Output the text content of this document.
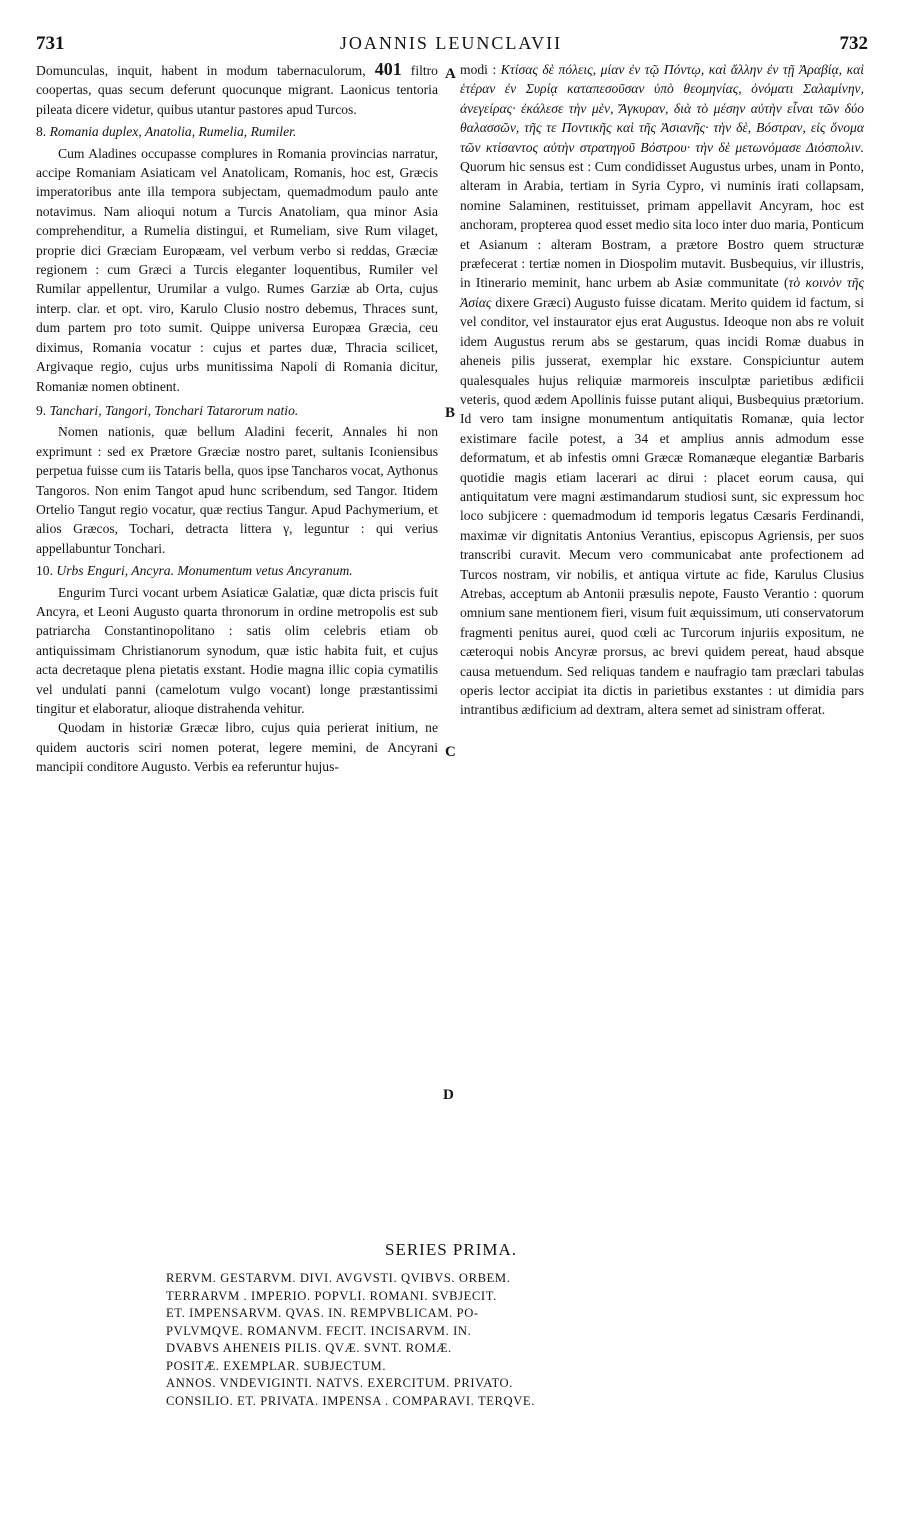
731	JOANNIS LEUNCLAVII	732

Domunculas, inquit, habent in modum tabernaculorum, 401 filtro coopertas, quas secum deferunt quocunque migrant. Laonicus tentoria pileata dicere videtur, quibus utantur pastores apud Turcos.

8. Romania duplex, Anatolia, Rumelia, Rumiler.

Cum Aladines occupasse complures in Romania provincias narratur, accipe Romaniam Asiaticam vel Anatolicam, Romanis, hoc est, Græcis imperatoribus ante illa tempora subjectam, quemadmodum paulo ante notavimus. Nam alioqui notum a Turcis Anatoliam, qua minor Asia comprehenditur, a Rumelia distingui, et Rumeliam, sive Rum vilaget, proprie dici Græciam Europæam, vel verbum verbo si reddas, Græciæ regionem : cum Græci a Turcis eleganter loquentibus, Rumiler vel Rumilar appellentur, Urumilar a vulgo. Rumes Garziæ ab Orta, cujus interp. clar. et opt. viro, Karulo Clusio nostro debemus, Thraces sunt, dum partem pro toto sumit. Quippe universa Europæa Græcia, ceu diximus, Romania vocatur : cujus et partes duæ, Thracia scilicet, Argivaque regio, cujus urbs munitissima Napoli di Romania dicitur, Romaniæ nomen obtinent.

9. Tanchari, Tangori, Tonchari Tatarorum natio.

Nomen nationis, quæ bellum Aladini fecerit, Annales hi non exprimunt : sed ex Prætore Græciæ nostro paret, sultanis Iconiensibus perpetua fuisse cum iis Tataris bella, quos ipse Tancharos vocat, Aythonus Tangoros. Non enim Tangot apud hunc scribendum, sed Tangor. Itidem Ortelio Tangut regio vocatur, quæ rectius Tangur. Apud Pachymerium, et alios Græcos, Tochari, detracta littera γ, leguntur : qui verius appellabuntur Tonchari.

10. Urbs Enguri, Ancyra. Monumentum vetus Ancyranum.

Engurim Turci vocant urbem Asiaticæ Galatiæ, quæ dicta priscis fuit Ancyra, et Leoni Augusto quarta thronorum in ordine metropolis est sub patriarcha Constantinopolitano : satis olim celebris etiam ob antiquissimam Christianorum synodum, quæ istic habita fuit, et cujus acta decretaque plena pietatis exstant. Hodie magna illic copia cymatilis vel undulati panni (camelotum vulgo vocant) longe præstantissimi tingitur et elaboratur, alioque distrahenda vehitur.

Quodam in historiæ Græcæ libro, cujus quia perierat initium, ne quidem auctoris sciri nomen poterat, legere memini, de Ancyrani mancipii conditore Augusto. Verbis ea referuntur hujus-

A
B
C
D

modi : Κτίσας δὲ πόλεις, μίαν ἐν τῷ Πόντῳ, καὶ ἄλλην ἐν τῇ Ἀραβίᾳ, καὶ ἑτέραν ἐν Συρίᾳ καταπεσοῦσαν ὑπὸ θεομηνίας, ὀνόματι Σαλαμίνην, ἀνεγείρας· ἐκάλεσε τὴν μὲν, Ἄγκυραν, διὰ τὸ μέσην αὐτὴν εἶναι τῶν δύο θαλασσῶν, τῆς τε Ποντικῆς καὶ τῆς Ἀσιανῆς· τὴν δὲ, Βόστραν, εἰς ὄνομα τῶν κτίσαντος αὐτὴν στρατηγοῦ Βόστρου· τὴν δὲ μετωνόμασε Διόσπολιν. Quorum hic sensus est : Cum condidisset Augustus urbes, unam in Ponto, alteram in Arabia, tertiam in Syria Cypro, vi numinis irati collapsam, nomine Salaminen, restituisset, primam appellavit Ancyram, hoc est anchoram, propterea quod esset medio sita loco inter duo maria, Ponticum et Asianum : alteram Bostram, a prætore Bostro quem structuræ præfecerat : tertiæ nomen in Diospolim mutavit. Busbequius, vir illustris, in Itinerario meminit, hanc urbem ab Asiæ communitate (τὸ κοινὸν τῆς Ἀσίας dixere Græci) Augusto fuisse dicatam. Merito quidem id factum, si vel conditor, vel instaurator ejus erat Augustus. Ideoque non abs re voluit idem Augustus rerum abs se gestarum, quas incidi Romæ duabus in aheneis pilis jusserat, exemplar hic exstare. Conspiciuntur autem qualesquales hujus reliquiæ marmoreis insculptæ parietibus ædificii veteris, quod ædem Apollinis fuisse putant aliqui, Busbequius prætorium. Id vero tam insigne monumentum antiquitatis Romanæ, quia lector existimare facile potest, a 34 et amplius annis admodum esse deformatum, et ab infestis omni Græcæ Romanæque elegantiæ Barbaris quotidie magis etiam lacerari ac dirui : placet eorum causa, qui antiquitatum vere magni æstimandarum studiosi sunt, sic expressum hoc loco subjicere : quemadmodum id temporis legatus Cæsaris Ferdinandi, maximæ vir dignitatis Antonius Verantius, episcopus Agriensis, per suos transcribi curavit. Mecum vero communicabat ante profectionem ad Turcos nostram, vir nobilis, et antiqua virtute ac fide, Karulus Clusius Atrebas, acceptum ab Antonii præsulis nepote, Fausto Verantio : quorum omnium sane mentionem fieri, visum fuit æquissimum, uti conservatorum fragmenti penitus aurei, quod cœli ac Turcorum injuriis expositum, ne cæteroqui nobis Ancyræ prorsus, ac brevi quidem pereat, haud absque causa metuendum. Sed reliquas tandem e naufragio tam præclari tabulas operis lector accipiat ita dictis in parietibus exstantes : ut dimidia pars intrantibus ædificium ad dextram, altera semet ad sinistram offerat.

SERIES PRIMA.
RERVM. GESTARVM. DIVI. AVGVSTI. QVIBVS. ORBEM.
TERRARVM . IMPERIO. POPVLI. ROMANI. SVBJECIT.
ET. IMPENSARVM. QVAS. IN. REMPVBLICAM. PO-
PVLVMQVE. ROMANVM. FECIT. INCISARVM. IN.
DVABVS AHENEIS PILIS. QVÆ. SVNT. ROMÆ.
POSITÆ. EXEMPLAR. SUBJECTUM.
ANNOS. VNDEVIGINTI. NATVS. EXERCITUM. PRIVATO.
CONSILIO. ET. PRIVATA. IMPENSA . COMPARAVI. TERQVE.
